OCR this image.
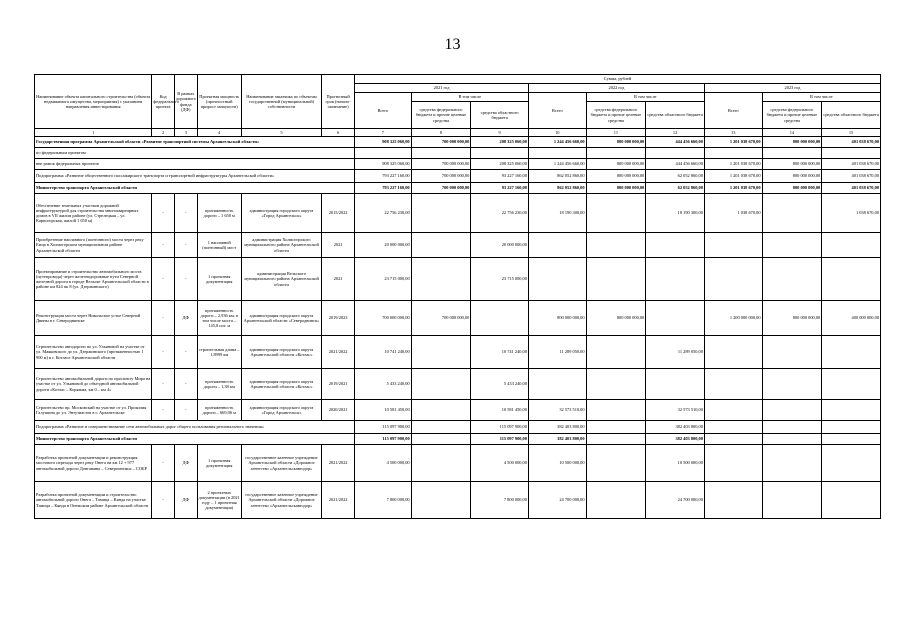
13
Наименование объекта капитального строительства (объекта недвижимого имущества, мероприятия) с указанием направления инвестирования	Код федерального проекта	В рамках дорожного фонда (ДФ)	Проектная мощность (прочностный прирост мощности)	Наименование заказчика по объектам государственной (муниципальной) собственности	Прогнозный срок (начало-окончание)	Сумма, рублей								
						2021 год			2022 год			2023 год		
						Всего	В том числе		Всего	В том числе		Всего	В том числе	
							средства федерального бюджета и прочие целевые средства	средства областного бюджета		средства федерального бюджета и прочие целевые средства	средства областного бюджета		средства федерального бюджета и прочие целевые средства	средства областного бюджета
1	2	3	4	5	6	7	8	9	10	11	12	13	14	15
Государственная программа Архангельской области «Развитие транспортной системы Архангельской области»						908 325 060,00	700 000 000,00	208 325 060,00	1 244 456 660,00	800 000 000,00	444 456 660,00	1 201 038 670,00	800 000 000,00	401 038 670,00
по федеральным проектам														
вне рамок федеральных проектов						908 325 060,00	700 000 000,00	208 325 060,00	1 244 456 660,00	800 000 000,00	444 456 660,00	1 201 038 670,00	800 000 000,00	401 038 670,00
Подпрограмма «Развитие общественного пассажирского транспорта и транспортной инфраструктуры Архангельской области»						793 227 160,00	700 000 000,00	93 227 160,00	862 052 860,00	800 000 000,00	62 052 860,00	1 201 038 670,00	800 000 000,00	401 038 670,00
Министерство транспорта Архангельской области						793 227 160,00	700 000 000,00	93 227 160,00	862 052 860,00	800 000 000,00	62 052 860,00	1 201 038 670,00	800 000 000,00	401 038 670,00
Обеспечение земельных участков дорожной инфраструктурой для строительства многоквартирных домов в VII жилом районе (ул. Стрелецкая – ул. Карпогорская, жилой 1 650 м)	-	-	протяженность дороги – 1 650 м	администрация городского округа «Город Архангельск»	2015/2022	22 756 230,00		22 756 230,00	18 190 300,00		18 190 300,00	1 038 670,00		1 038 670,00
Приобретение наплавного (понтонного) моста через реку Емца в Холмогорском муниципальном районе Архангельской области	-	-	1 наплавной (понтонный) мост	администрация Холмогорского муниципального района Архангельской области	2021	20 000 000,00		20 000 000,00						
Проектирование и строительство автомобильного моста (путепровода) через железнодорожные пути Северной железной дороги в городе Вельске Архангельской области в районе км 824 пк 8 (ул. Дзержинского)	-	-	1 проектная документация	администрация Вельского муниципального района Архангельской области	2021	23 715 000,00		23 715 000,00						
Реконструкция моста через Никольское устье Северной Двины в г. Северодвинске	-	ДФ	протяженность дороги – 2,936 км, в том числе моста – 145,8 пог. м	администрация городского округа Архангельской области «Северодвинск»	2019/2023	700 000 000,00	700 000 000,00		800 000 000,00	800 000 000,00		1 200 000 000,00	800 000 000,00	400 000 000,00
Строительство автодороги по ул. Ульяновой на участке от ул. Маяковского до ул. Дзержинского (протяженностью 1 900 м) в г. Котласе Архангельской области	-	-	строительная длина – 1,8999 км	администрация городского округа Архангельской области «Котлас»	2021/2022	10 741 240,00		10 741 240,00	11 289 050,00		11 289 050,00			
Строительство автомобильной дороги по проспекту Мира на участке от ул. Ульяновой до объездной автомобильной дороги «Котлас – Коряжма, км 0 – км 4»	-	-	протяженность дороги – 1,38 км	администрация городского округа Архангельской области «Котлас»	2019/2021	5 433 240,00		5 433 240,00						
Строительство пр. Московский на участке от ул. Прокопия Галушина до ул. Энтузиастов в г. Архангельске	-	-	протяженность дороги – 669,06 м	администрация городского округа «Город Архангельск»	2020/2021	10 581 450,00		10 581 450,00	32 573 510,00		32 573 510,00			
Подпрограмма «Развитие и совершенствование сети автомобильных дорог общего пользования регионального значения»						115 097 900,00		115 097 900,00	382 403 800,00		382 403 800,00			
Министерство транспорта Архангельской области						115 097 900,00		115 097 900,00	382 403 800,00		382 403 800,00			
Разработка проектной документации и реконструкция мостового перехода через реку Онега на км 12 + 977 автомобильной дороги Донгаваны – Североонежск – СОБР	-	ДФ	1 проектная документация	государственное казенное учреждение Архангельской области «Дорожное агентство «Архангельскавтодор»	2021/2022	4 500 000,00		4 500 000,00	10 500 000,00		10 500 000,00			
Разработка проектной документации и строительство автомобильной дороги Онега – Тамица – Кянда на участке Тамица – Кянда в Онежском районе Архангельской области	-	ДФ	2 проектных документации (в 2021 году – 1 проектная документация)	государственное казенное учреждение Архангельской области «Дорожное агентство «Архангельскавтодор»	2021/2022	7 800 000,00		7 800 000,00	24 700 000,00		24 700 000,00			
